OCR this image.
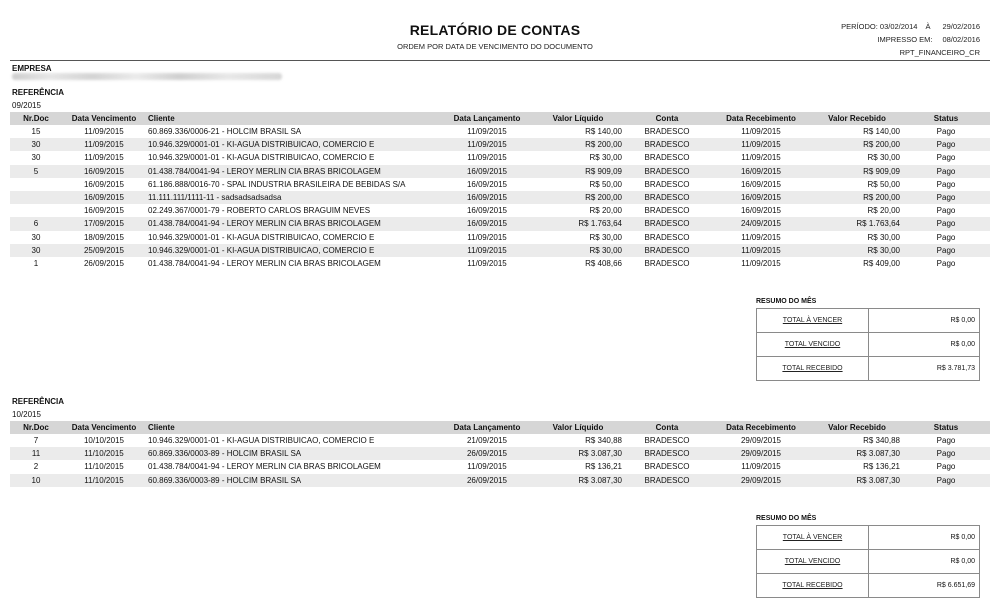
RELATÓRIO DE CONTAS
ORDEM POR DATA DE VENCIMENTO DO DOCUMENTO
PERÍODO: 03/02/2014 À 29/02/2016
IMPRESSO EM: 08/02/2016
RPT_FINANCEIRO_CR
EMPRESA
REFERÊNCIA
09/2015
Nr.Doc	Data Vencimento	Cliente	Data Lançamento	Valor Líquido	Conta	Data Recebimento	Valor Recebido	Status
15	11/09/2015	60.869.336/0006-21 - HOLCIM BRASIL SA	11/09/2015	R$ 140,00	BRADESCO	11/09/2015	R$ 140,00	Pago
30	11/09/2015	10.946.329/0001-01 - KI-AGUA DISTRIBUICAO, COMERCIO E	11/09/2015	R$ 200,00	BRADESCO	11/09/2015	R$ 200,00	Pago
30	11/09/2015	10.946.329/0001-01 - KI-AGUA DISTRIBUICAO, COMERCIO E	11/09/2015	R$ 30,00	BRADESCO	11/09/2015	R$ 30,00	Pago
5	16/09/2015	01.438.784/0041-94 - LEROY MERLIN CIA BRAS BRICOLAGEM	16/09/2015	R$ 909,09	BRADESCO	16/09/2015	R$ 909,09	Pago
	16/09/2015	61.186.888/0016-70 - SPAL INDUSTRIA BRASILEIRA DE BEBIDAS S/A	16/09/2015	R$ 50,00	BRADESCO	16/09/2015	R$ 50,00	Pago
	16/09/2015	11.111.111/1111-11 - sadsadsadsadsa	16/09/2015	R$ 200,00	BRADESCO	16/09/2015	R$ 200,00	Pago
	16/09/2015	02.249.367/0001-79 - ROBERTO CARLOS BRAGUIM NEVES	16/09/2015	R$ 20,00	BRADESCO	16/09/2015	R$ 20,00	Pago
6	17/09/2015	01.438.784/0041-94 - LEROY MERLIN CIA BRAS BRICOLAGEM	16/09/2015	R$ 1.763,64	BRADESCO	24/09/2015	R$ 1.763,64	Pago
30	18/09/2015	10.946.329/0001-01 - KI-AGUA DISTRIBUICAO, COMERCIO E	11/09/2015	R$ 30,00	BRADESCO	11/09/2015	R$ 30,00	Pago
30	25/09/2015	10.946.329/0001-01 - KI-AGUA DISTRIBUICAO, COMERCIO E	11/09/2015	R$ 30,00	BRADESCO	11/09/2015	R$ 30,00	Pago
1	26/09/2015	01.438.784/0041-94 - LEROY MERLIN CIA BRAS BRICOLAGEM	11/09/2015	R$ 408,66	BRADESCO	11/09/2015	R$ 409,00	Pago
RESUMO DO MÊS
TOTAL À VENCER	R$ 0,00
TOTAL VENCIDO	R$ 0,00
TOTAL RECEBIDO	R$ 3.781,73
REFERÊNCIA
10/2015
Nr.Doc	Data Vencimento	Cliente	Data Lançamento	Valor Líquido	Conta	Data Recebimento	Valor Recebido	Status
7	10/10/2015	10.946.329/0001-01 - KI-AGUA DISTRIBUICAO, COMERCIO E	21/09/2015	R$ 340,88	BRADESCO	29/09/2015	R$ 340,88	Pago
11	11/10/2015	60.869.336/0003-89 - HOLCIM BRASIL SA	26/09/2015	R$ 3.087,30	BRADESCO	29/09/2015	R$ 3.087,30	Pago
2	11/10/2015	01.438.784/0041-94 - LEROY MERLIN CIA BRAS BRICOLAGEM	11/09/2015	R$ 136,21	BRADESCO	11/09/2015	R$ 136,21	Pago
10	11/10/2015	60.869.336/0003-89 - HOLCIM BRASIL SA	26/09/2015	R$ 3.087,30	BRADESCO	29/09/2015	R$ 3.087,30	Pago
RESUMO DO MÊS
TOTAL À VENCER	R$ 0,00
TOTAL VENCIDO	R$ 0,00
TOTAL RECEBIDO	R$ 6.651,69
